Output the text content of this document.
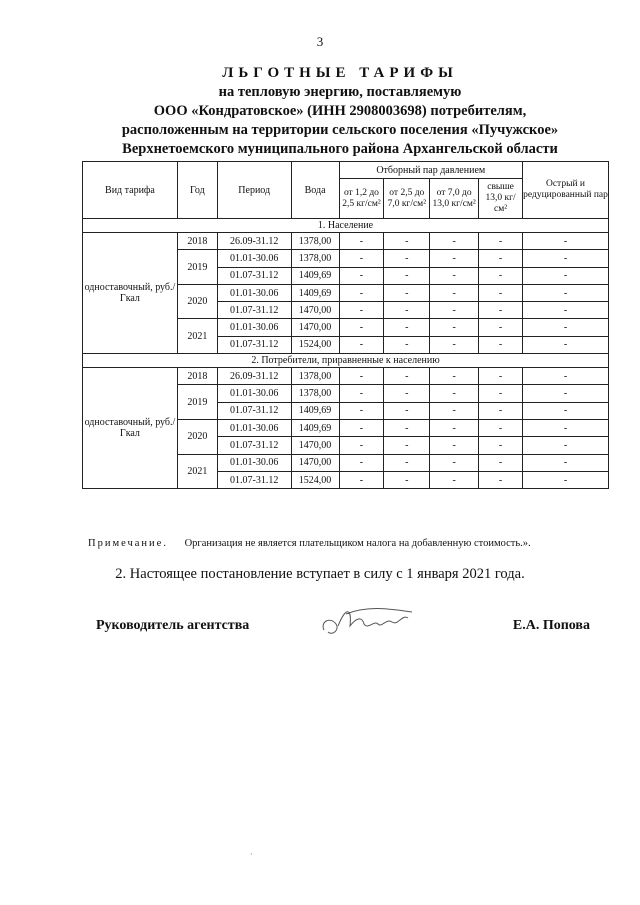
3
ЛЬГОТНЫЕ ТАРИФЫ
на тепловую энергию, поставляемую
ООО «Кондратовское» (ИНН 2908003698) потребителям,
расположенным на территории сельского поселения «Пучужское»
Верхнетоемского муниципального района Архангельской области
Вид тарифа	Год	Период	Вода	Отборный пар давлением				Острый и редуцированный пар
				от 1,2 до 2,5 кг/см²	от 2,5 до 7,0 кг/см²	от 7,0 до 13,0 кг/см²	свыше 13,0 кг/см²	
1. Население								
одноставочный, руб./Гкал	2018	26.09-31.12	1378,00	-	-	-	-	-
	2019	01.01-30.06	1378,00	-	-	-	-	-
		01.07-31.12	1409,69	-	-	-	-	-
	2020	01.01-30.06	1409,69	-	-	-	-	-
		01.07-31.12	1470,00	-	-	-	-	-
	2021	01.01-30.06	1470,00	-	-	-	-	-
		01.07-31.12	1524,00	-	-	-	-	-
2. Потребители, приравненные к населению								
одноставочный, руб./Гкал	2018	26.09-31.12	1378,00	-	-	-	-	-
	2019	01.01-30.06	1378,00	-	-	-	-	-
		01.07-31.12	1409,69	-	-	-	-	-
	2020	01.01-30.06	1409,69	-	-	-	-	-
		01.07-31.12	1470,00	-	-	-	-	-
	2021	01.01-30.06	1470,00	-	-	-	-	-
		01.07-31.12	1524,00	-	-	-	-	-
Примечание. Организация не является плательщиком налога на добавленную стоимость.».
2. Настоящее постановление вступает в силу с 1 января 2021 года.
Руководитель агентства	Е.А. Попова
·
